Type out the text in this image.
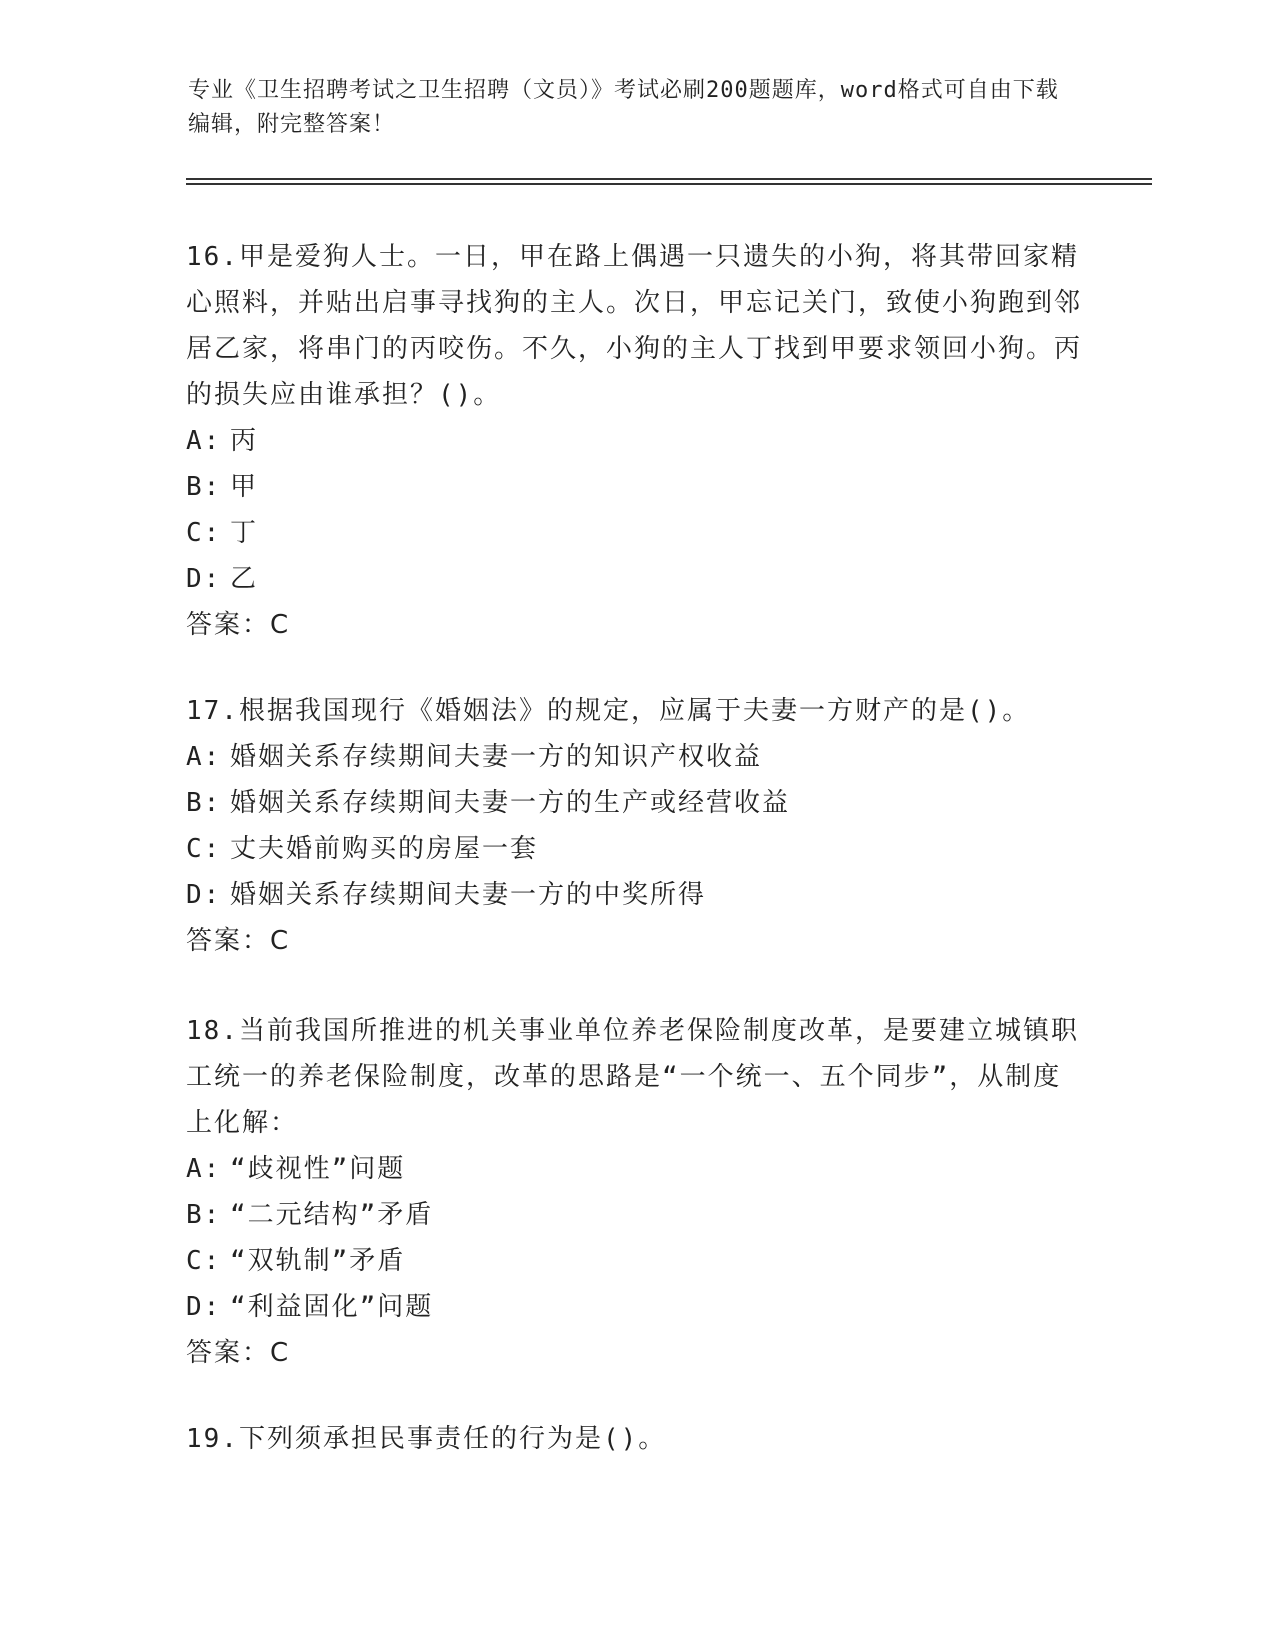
专业《卫生招聘考试之卫生招聘（文员）》考试必刷200题题库，word格式可自由下载编辑，附完整答案！

16.甲是爱狗人士。一日，甲在路上偶遇一只遗失的小狗，将其带回家精心照料，并贴出启事寻找狗的主人。次日，甲忘记关门，致使小狗跑到邻居乙家，将串门的丙咬伤。不久，小狗的主人丁找到甲要求领回小狗。丙的损失应由谁承担？()。

A: 丙

B: 甲

C: 丁

D: 乙

答案：C

17.根据我国现行《婚姻法》的规定，应属于夫妻一方财产的是()。

A: 婚姻关系存续期间夫妻一方的知识产权收益

B: 婚姻关系存续期间夫妻一方的生产或经营收益

C: 丈夫婚前购买的房屋一套

D: 婚姻关系存续期间夫妻一方的中奖所得

答案：C

18.当前我国所推进的机关事业单位养老保险制度改革，是要建立城镇职工统一的养老保险制度，改革的思路是“一个统一、五个同步”，从制度上化解：

A: “歧视性”问题

B: “二元结构”矛盾

C: “双轨制”矛盾

D: “利益固化”问题

答案：C

19.下列须承担民事责任的行为是()。
